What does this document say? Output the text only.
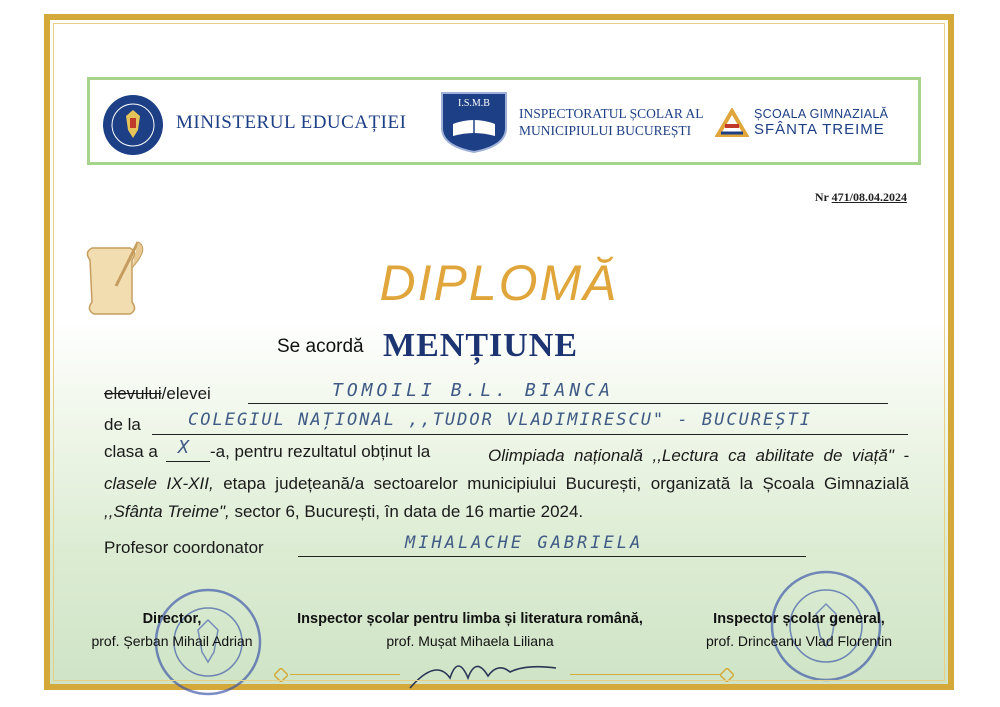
MINISTERUL EDUCAȚIEI
I.S.M.B
INSPECTORATUL ȘCOLAR AL
MUNICIPIULUI BUCUREȘTI
ȘCOALA GIMNAZIALĂ
SFÂNTA TREIME
Nr 471/08.04.2024
DIPLOMĂ
Se acordă MENȚIUNE
elevului/elevei	TOMOILI B.L. BIANCA
de la	COLEGIUL NAȚIONAL ,,TUDOR VLADIMIRESCU" - BUCUREȘTI
clasa a X -a, pentru rezultatul obținut la	Olimpiada națională ,,Lectura ca abilitate de viață" - clasele IX-XII, etapa județeană/a sectoarelor municipiului București, organizată la Școala Gimnazială ,,Sfânta Treime", sector 6, București, în data de 16 martie 2024.
Profesor coordonator	MIHALACHE GABRIELA
Director,
prof. Șerban Mihail Adrian
Inspector școlar pentru limba și literatura română,
prof. Mușat Mihaela Liliana
Inspector școlar general,
prof. Drinceanu Vlad Florentin
